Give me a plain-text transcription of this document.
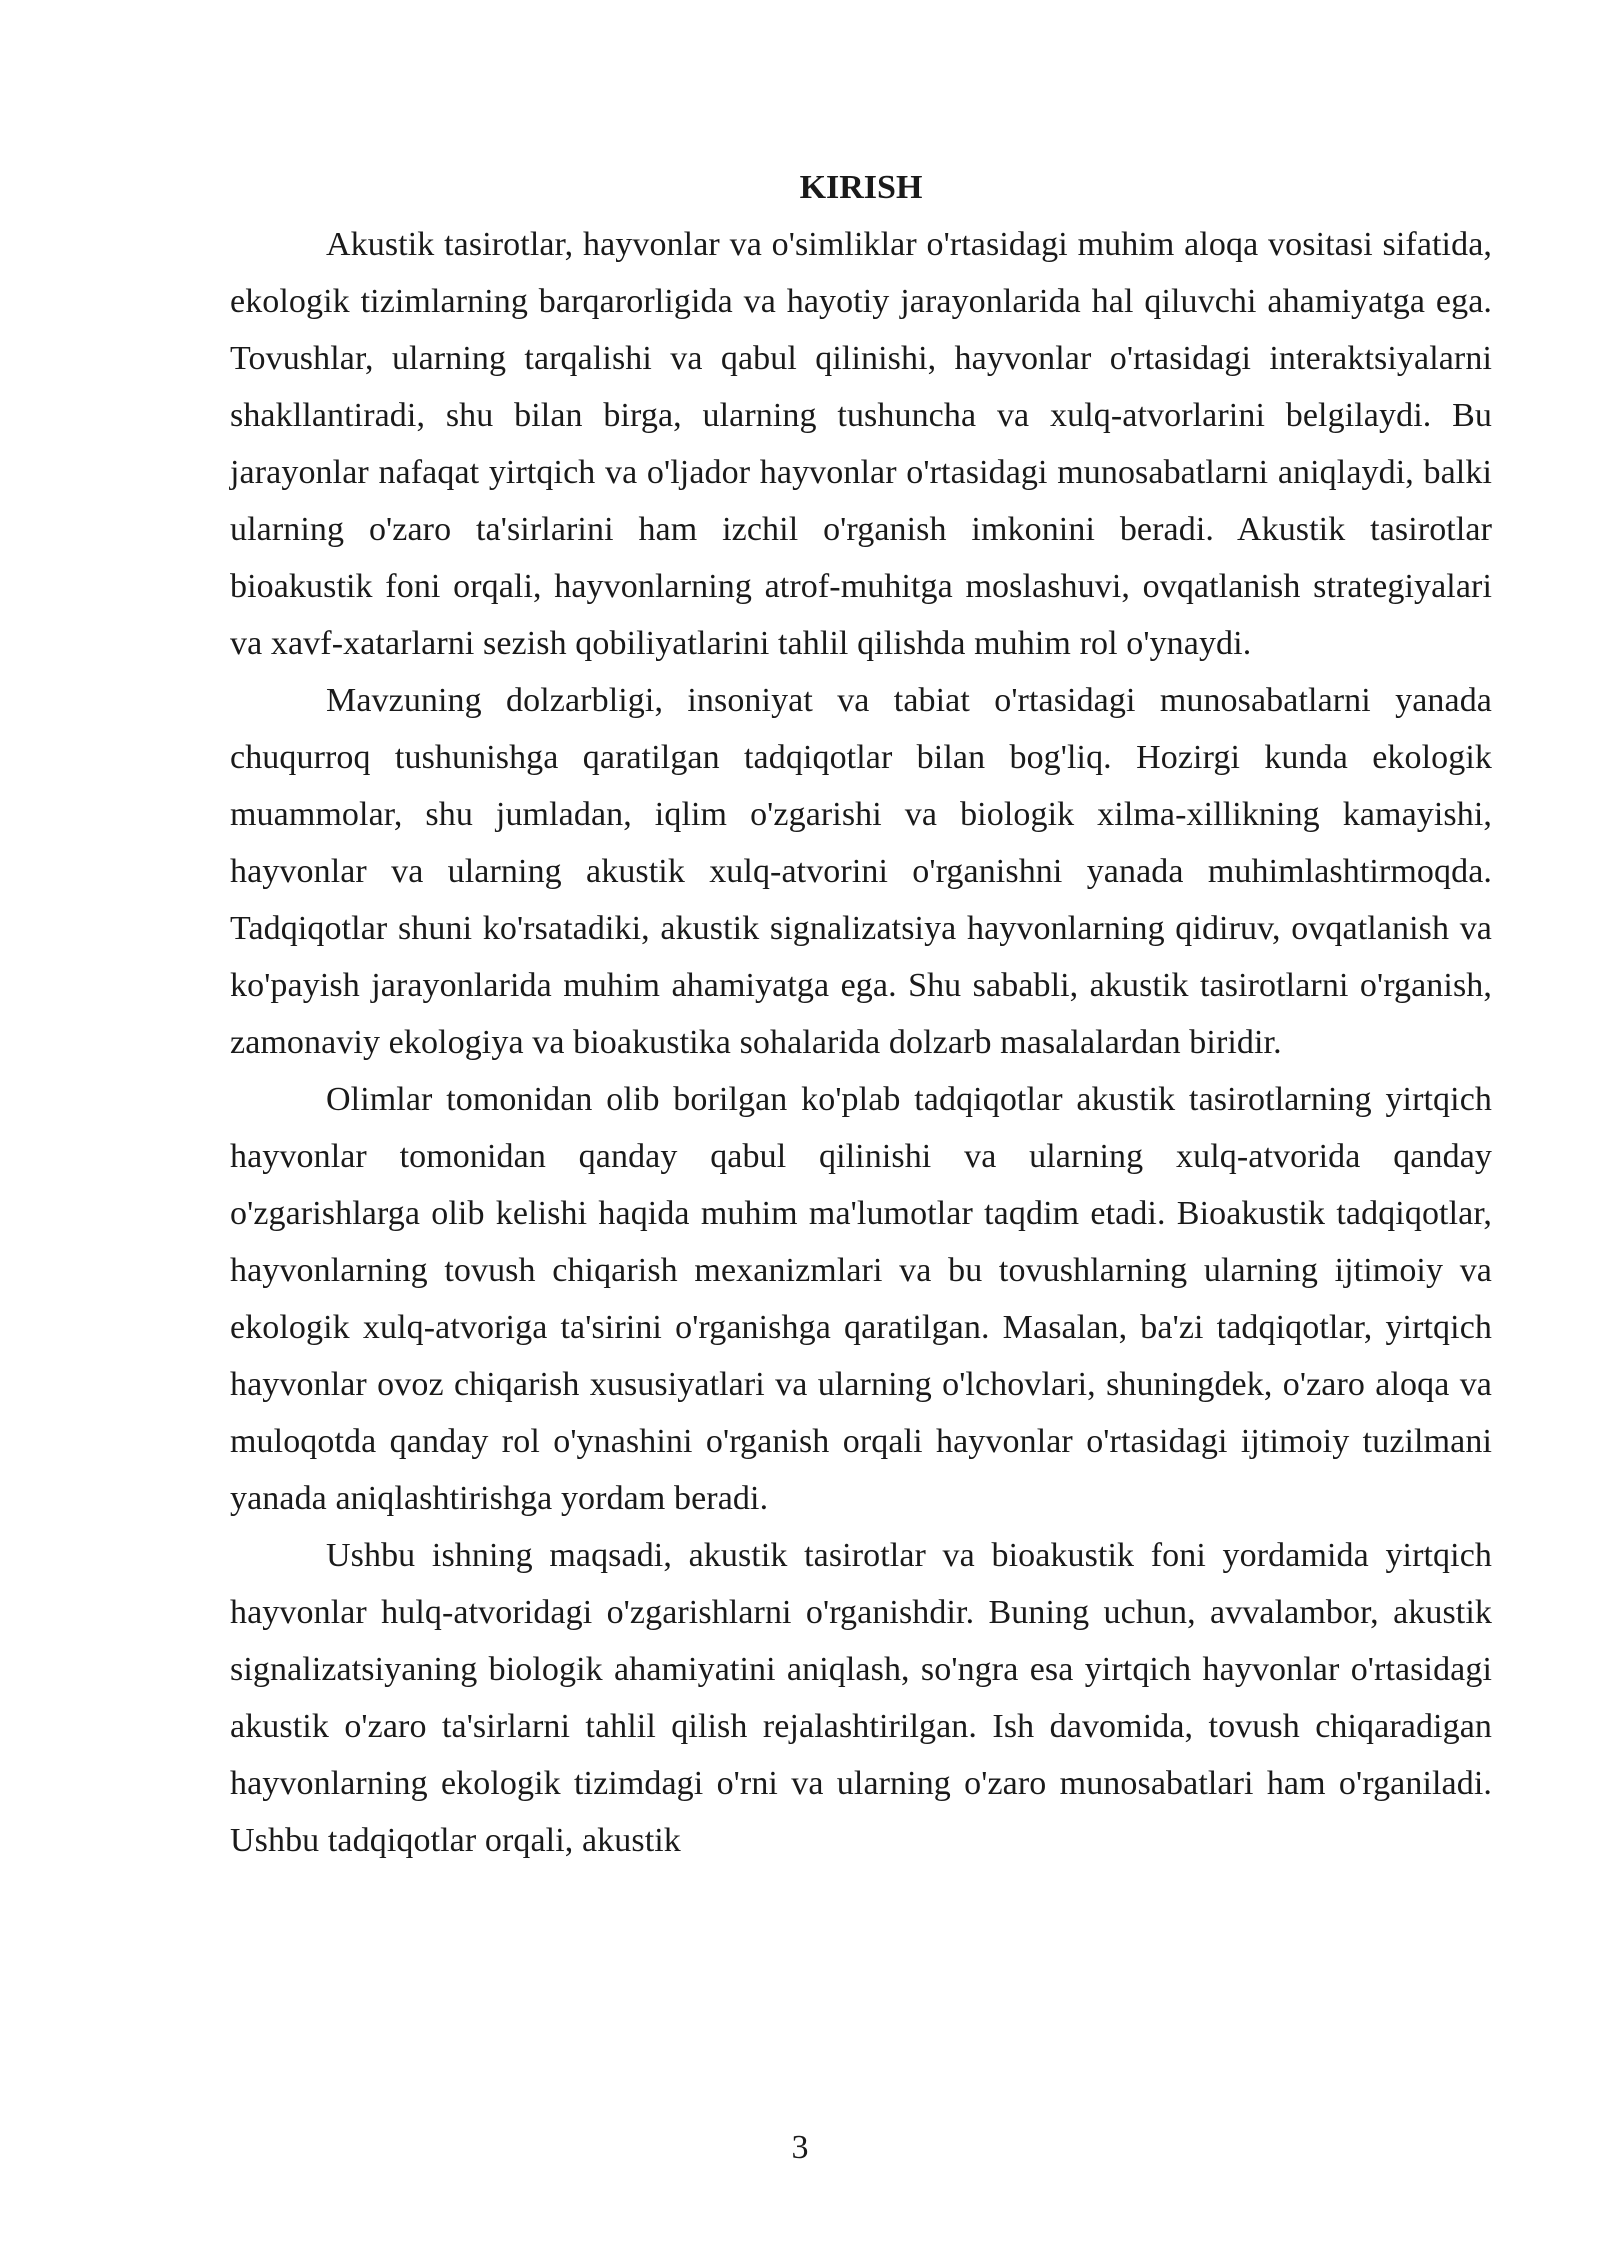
KIRISH

Akustik tasirotlar, hayvonlar va o'simliklar o'rtasidagi muhim aloqa vositasi sifatida, ekologik tizimlarning barqarorligida va hayotiy jarayonlarida hal qiluvchi ahamiyatga ega. Tovushlar, ularning tarqalishi va qabul qilinishi, hayvonlar o'rtasidagi interaktsiyalarni shakllantiradi, shu bilan birga, ularning tushuncha va xulq-atvorlarini belgilaydi. Bu jarayonlar nafaqat yirtqich va o'ljador hayvonlar o'rtasidagi munosabatlarni aniqlaydi, balki ularning o'zaro ta'sirlarini ham izchil o'rganish imkonini beradi. Akustik tasirotlar bioakustik foni orqali, hayvonlarning atrof-muhitga moslashuvi, ovqatlanish strategiyalari va xavf-xatarlarni sezish qobiliyatlarini tahlil qilishda muhim rol o'ynaydi.

Mavzuning dolzarbligi, insoniyat va tabiat o'rtasidagi munosabatlarni yanada chuqurroq tushunishga qaratilgan tadqiqotlar bilan bog'liq. Hozirgi kunda ekologik muammolar, shu jumladan, iqlim o'zgarishi va biologik xilma-xillikning kamayishi, hayvonlar va ularning akustik xulq-atvorini o'rganishni yanada muhimlashtirmoqda. Tadqiqotlar shuni ko'rsatadiki, akustik signalizatsiya hayvonlarning qidiruv, ovqatlanish va ko'payish jarayonlarida muhim ahamiyatga ega. Shu sababli, akustik tasirotlarni o'rganish, zamonaviy ekologiya va bioakustika sohalarida dolzarb masalalardan biridir.

Olimlar tomonidan olib borilgan ko'plab tadqiqotlar akustik tasirotlarning yirtqich hayvonlar tomonidan qanday qabul qilinishi va ularning xulq-atvorida qanday o'zgarishlarga olib kelishi haqida muhim ma'lumotlar taqdim etadi. Bioakustik tadqiqotlar, hayvonlarning tovush chiqarish mexanizmlari va bu tovushlarning ularning ijtimoiy va ekologik xulq-atvoriga ta'sirini o'rganishga qaratilgan. Masalan, ba'zi tadqiqotlar, yirtqich hayvonlar ovoz chiqarish xususiyatlari va ularning o'lchovlari, shuningdek, o'zaro aloqa va muloqotda qanday rol o'ynashini o'rganish orqali hayvonlar o'rtasidagi ijtimoiy tuzilmani yanada aniqlashtirishga yordam beradi.

Ushbu ishning maqsadi, akustik tasirotlar va bioakustik foni yordamida yirtqich hayvonlar hulq-atvoridagi o'zgarishlarni o'rganishdir. Buning uchun, avvalambor, akustik signalizatsiyaning biologik ahamiyatini aniqlash, so'ngra esa yirtqich hayvonlar o'rtasidagi akustik o'zaro ta'sirlarni tahlil qilish rejalashtirilgan. Ish davomida, tovush chiqaradigan hayvonlarning ekologik tizimdagi o'rni va ularning o'zaro munosabatlari ham o'rganiladi. Ushbu tadqiqotlar orqali, akustik

3
